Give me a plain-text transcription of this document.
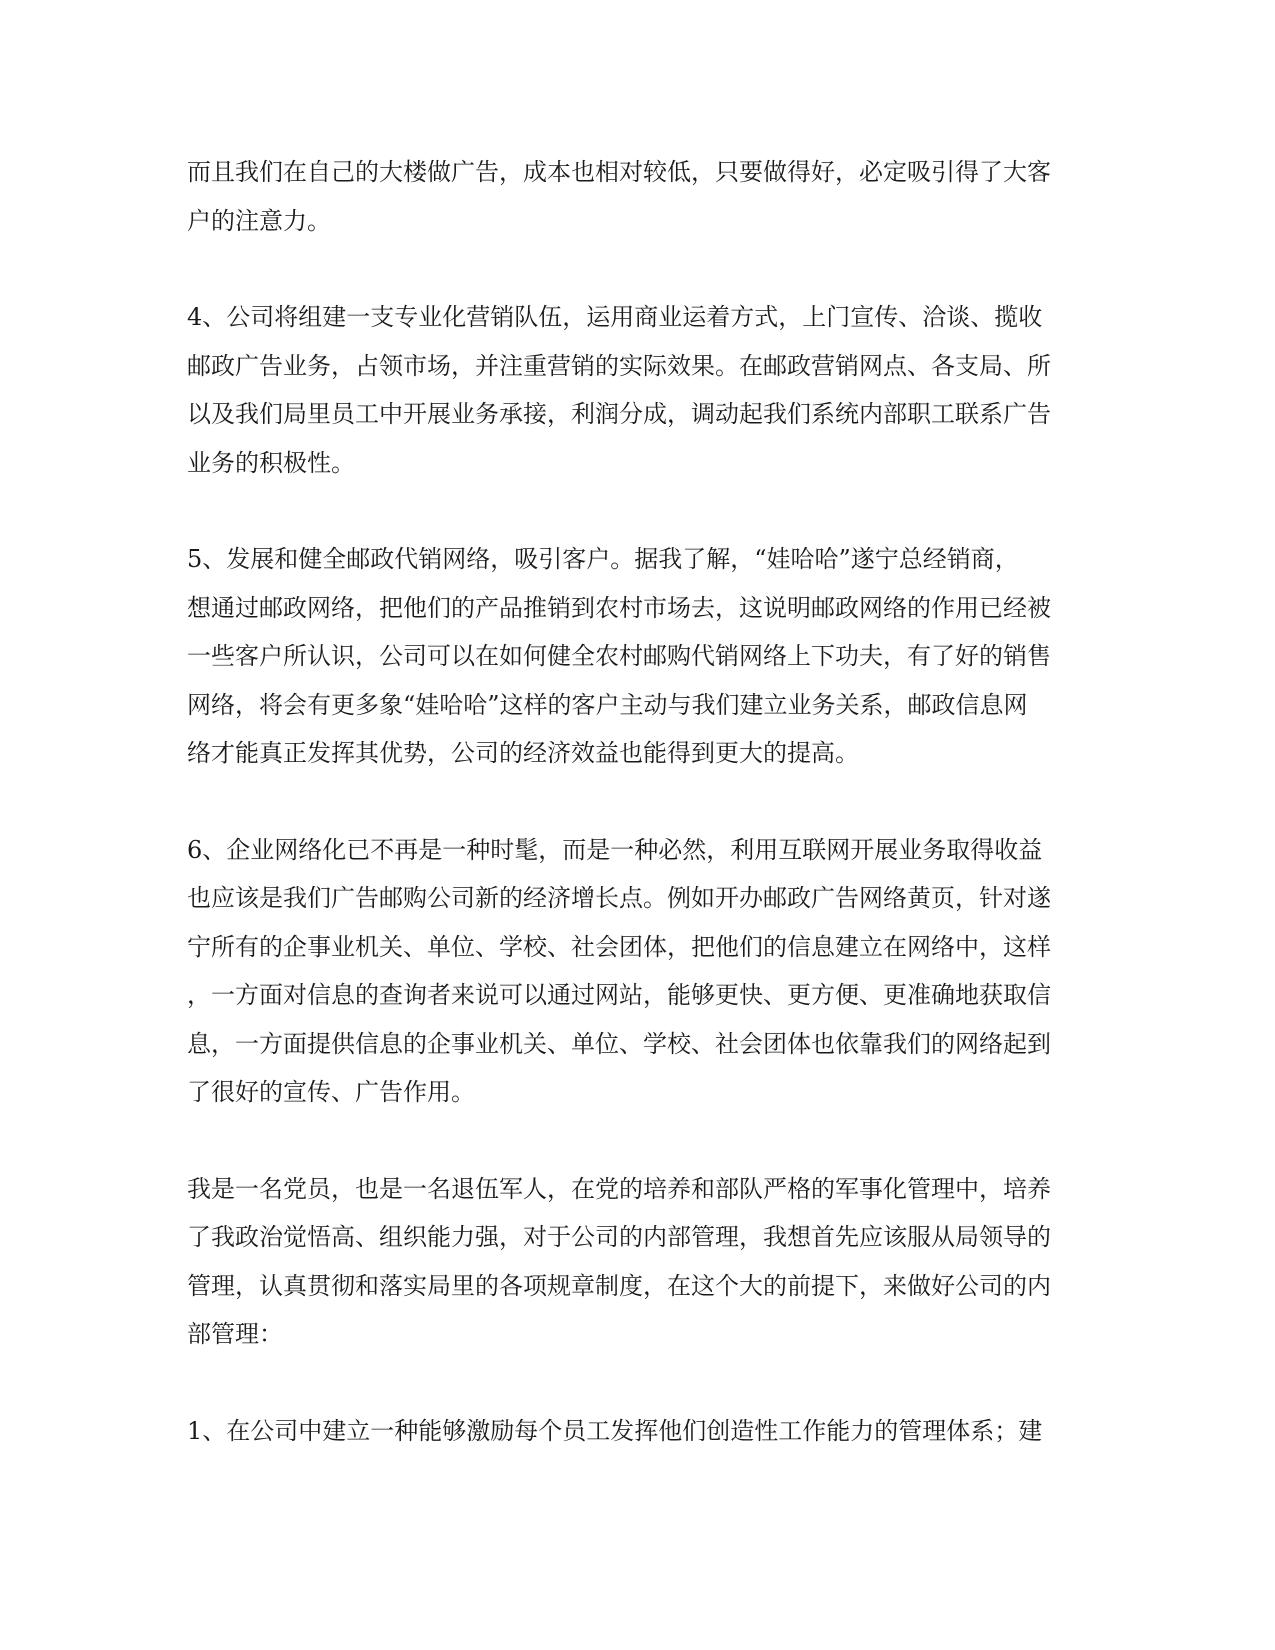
而且我们在自己的大楼做广告，成本也相对较低，只要做得好，必定吸引得了大客
户的注意力。

4、公司将组建一支专业化营销队伍，运用商业运着方式，上门宣传、洽谈、揽收
邮政广告业务，占领市场，并注重营销的实际效果。在邮政营销网点、各支局、所
以及我们局里员工中开展业务承接，利润分成，调动起我们系统内部职工联系广告
业务的积极性。

5、发展和健全邮政代销网络，吸引客户。据我了解，“娃哈哈”遂宁总经销商，
想通过邮政网络，把他们的产品推销到农村市场去，这说明邮政网络的作用已经被
一些客户所认识，公司可以在如何健全农村邮购代销网络上下功夫，有了好的销售
网络，将会有更多象“娃哈哈”这样的客户主动与我们建立业务关系，邮政信息网
络才能真正发挥其优势，公司的经济效益也能得到更大的提高。

6、企业网络化已不再是一种时髦，而是一种必然，利用互联网开展业务取得收益
也应该是我们广告邮购公司新的经济增长点。例如开办邮政广告网络黄页，针对遂
宁所有的企事业机关、单位、学校、社会团体，把他们的信息建立在网络中，这样
，一方面对信息的查询者来说可以通过网站，能够更快、更方便、更准确地获取信
息，一方面提供信息的企事业机关、单位、学校、社会团体也依靠我们的网络起到
了很好的宣传、广告作用。

我是一名党员，也是一名退伍军人，在党的培养和部队严格的军事化管理中，培养
了我政治觉悟高、组织能力强，对于公司的内部管理，我想首先应该服从局领导的
管理，认真贯彻和落实局里的各项规章制度，在这个大的前提下，来做好公司的内
部管理：

1、在公司中建立一种能够激励每个员工发挥他们创造性工作能力的管理体系；建
